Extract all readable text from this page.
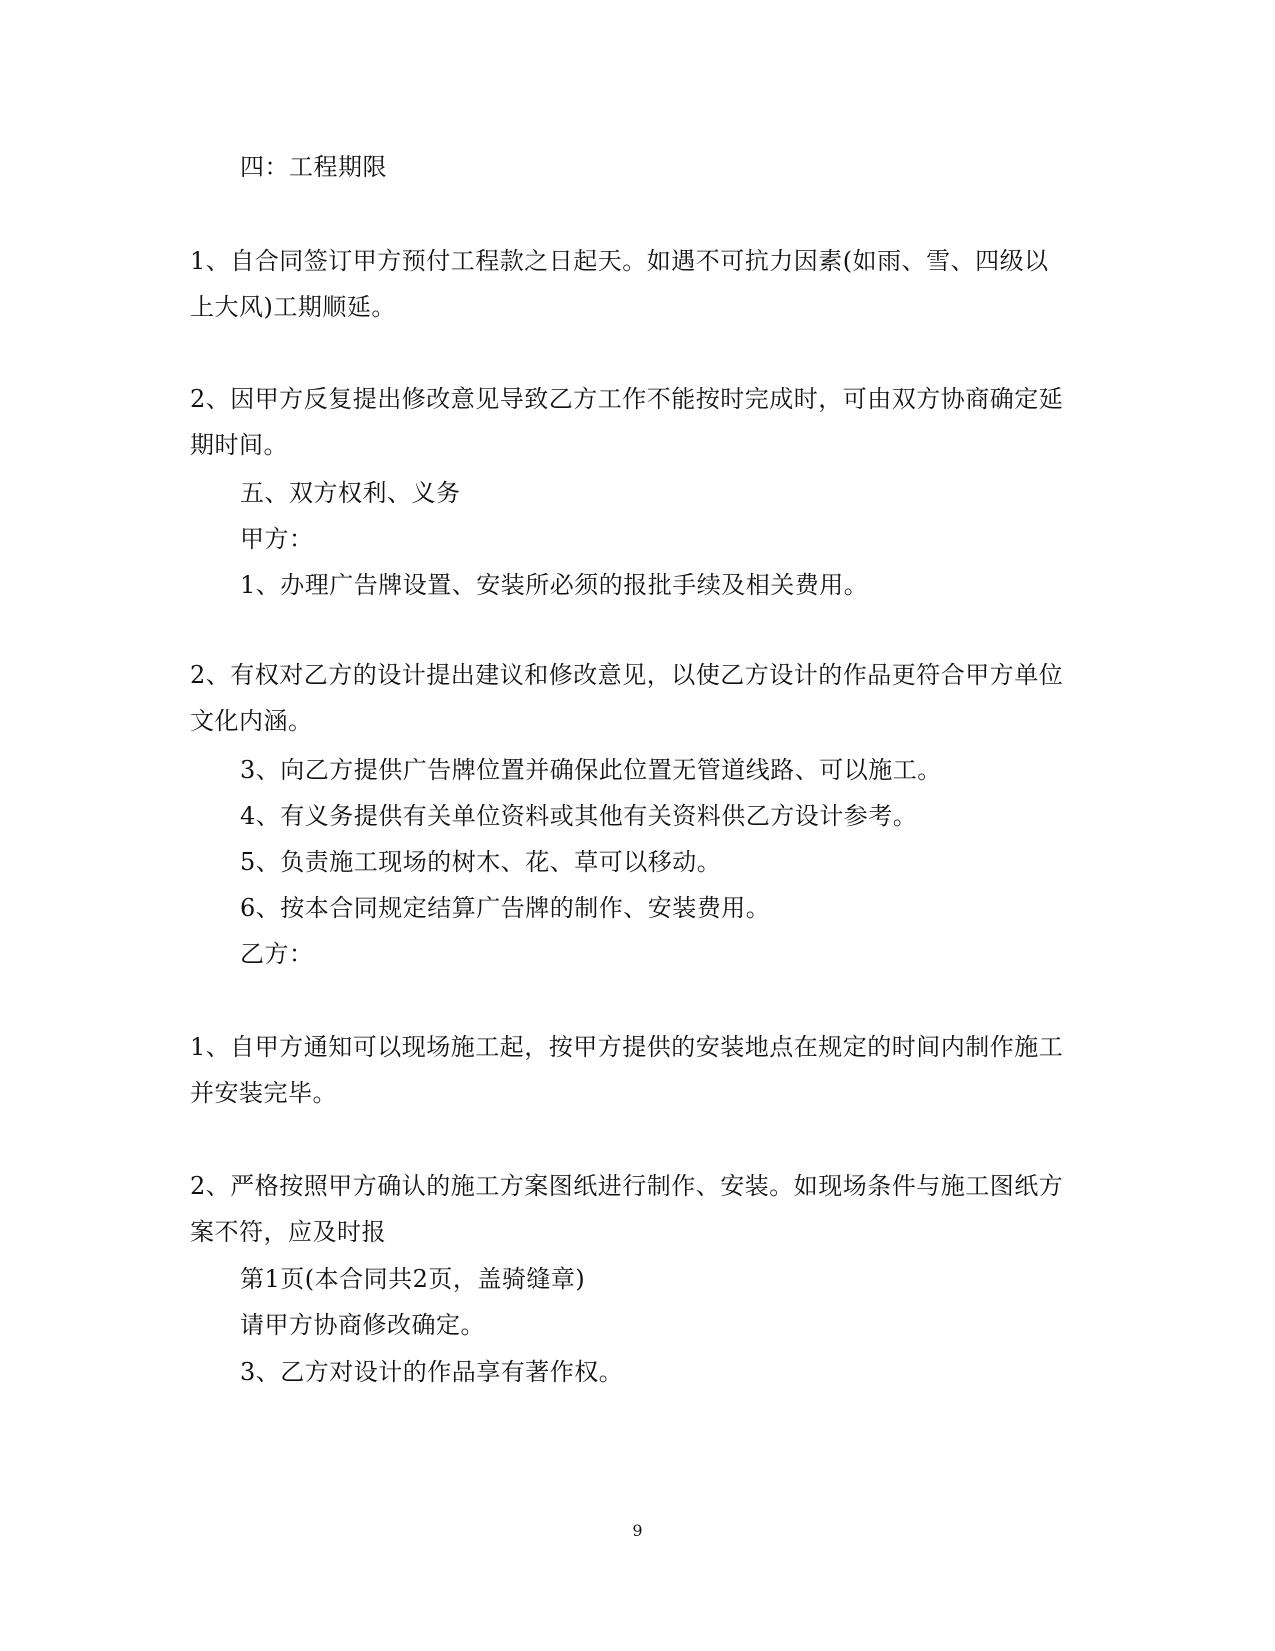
四：工程期限
1、自合同签订甲方预付工程款之日起天。如遇不可抗力因素(如雨、雪、四级以
上大风)工期顺延。
2、因甲方反复提出修改意见导致乙方工作不能按时完成时，可由双方协商确定延
期时间。
五、双方权利、义务
甲方：
1、办理广告牌设置、安装所必须的报批手续及相关费用。
2、有权对乙方的设计提出建议和修改意见，以使乙方设计的作品更符合甲方单位
文化内涵。
3、向乙方提供广告牌位置并确保此位置无管道线路、可以施工。
4、有义务提供有关单位资料或其他有关资料供乙方设计参考。
5、负责施工现场的树木、花、草可以移动。
6、按本合同规定结算广告牌的制作、安装费用。
乙方：
1、自甲方通知可以现场施工起，按甲方提供的安装地点在规定的时间内制作施工
并安装完毕。
2、严格按照甲方确认的施工方案图纸进行制作、安装。如现场条件与施工图纸方
案不符，应及时报
第1页(本合同共2页，盖骑缝章)
请甲方协商修改确定。
3、乙方对设计的作品享有著作权。
9
